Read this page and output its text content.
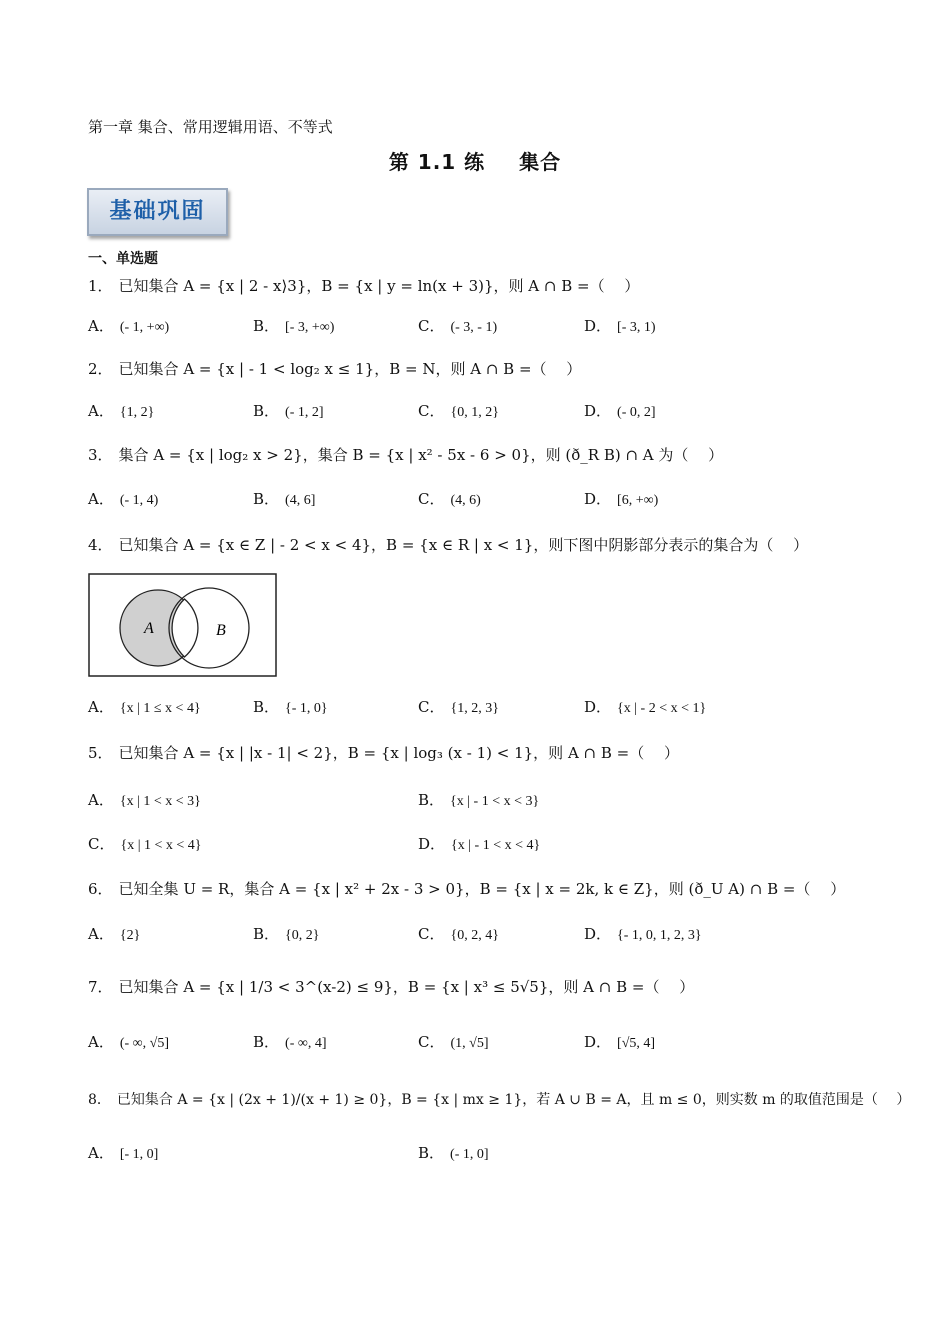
第一章 集合、常用逻辑用语、不等式
第 1.1 练 集合
基础巩固
一、单选题
1． 已知集合 A = {x | 2 - x⟩3}，B = {x | y = ln(x + 3)}，则 A ∩ B =（　 ）
A． (- 1, +∞)	B． [- 3, +∞)	C． (- 3, - 1)	D． [- 3, 1)
2． 已知集合 A = {x | - 1 < log₂ x ≤ 1}，B = N，则 A ∩ B =（　 ）
A． {1, 2}	B． (- 1, 2]	C． {0, 1, 2}	D． (- 0, 2]
3． 集合 A = {x | log₂ x > 2}，集合 B = {x | x² - 5x - 6 > 0}，则 (ð_R B) ∩ A 为（　 ）
A． (- 1, 4)	B． (4, 6]	C． (4, 6)	D． [6, +∞)
4． 已知集合 A = {x ∈ Z | - 2 < x < 4}，B = {x ∈ R | x < 1}，则下图中阴影部分表示的集合为（　 ）
A	B
A． {x | 1 ≤ x < 4}	B． {- 1, 0}	C． {1, 2, 3}	D． {x | - 2 < x < 1}
5． 已知集合 A = {x | |x - 1| < 2}，B = {x | log₃ (x - 1) < 1}，则 A ∩ B =（　 ）
A． {x | 1 < x < 3}	B． {x | - 1 < x < 3}
C． {x | 1 < x < 4}	D． {x | - 1 < x < 4}
6． 已知全集 U = R，集合 A = {x | x² + 2x - 3 > 0}，B = {x | x = 2k, k ∈ Z}，则 (ð_U A) ∩ B =（　 ）
A． {2}	B． {0, 2}	C． {0, 2, 4}	D． {- 1, 0, 1, 2, 3}
7． 已知集合 A = {x | 1/3 < 3^(x-2) ≤ 9}，B = {x | x³ ≤ 5√5}，则 A ∩ B =（　 ）
A． (- ∞, √5]	B． (- ∞, 4]	C． (1, √5]	D． [√5, 4]
8． 已知集合 A = {x | (2x + 1)/(x + 1) ≥ 0}，B = {x | mx ≥ 1}，若 A ∪ B = A，且 m ≤ 0，则实数 m 的取值范围是（　 ）
A． [- 1, 0]	B． (- 1, 0]
